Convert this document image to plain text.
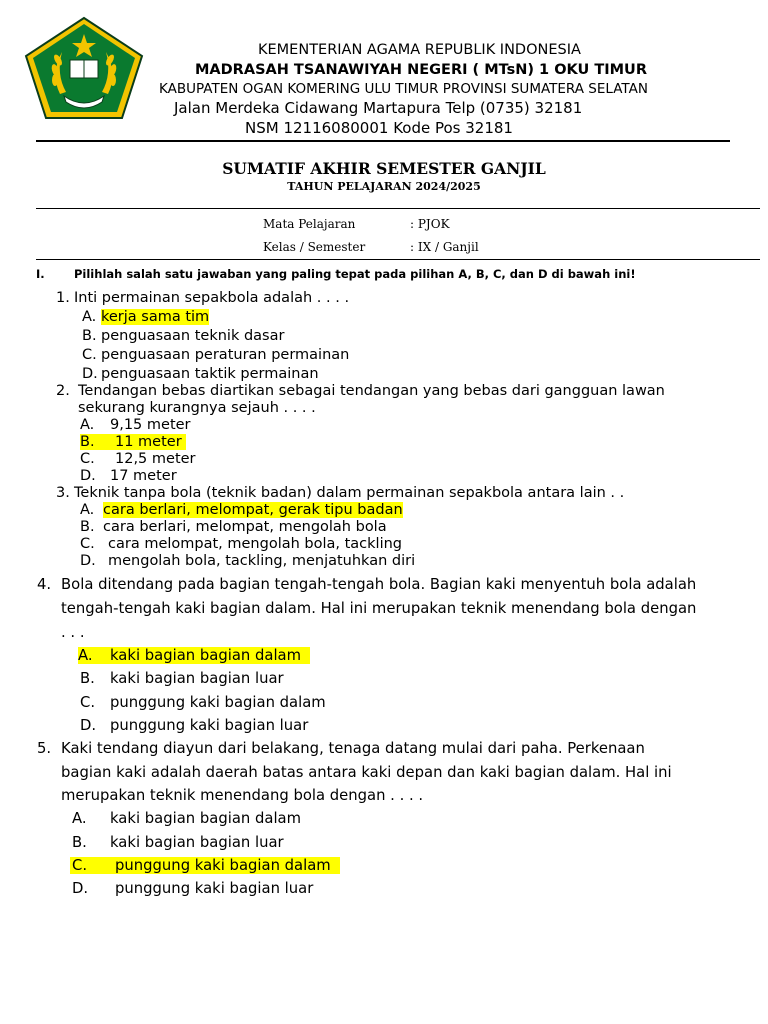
KEMENTERIAN AGAMA REPUBLIK INDONESIA
MADRASAH TSANAWIYAH NEGERI ( MTsN) 1 OKU TIMUR
KABUPATEN OGAN KOMERING ULU TIMUR PROVINSI SUMATERA SELATAN
Jalan Merdeka Cidawang Martapura Telp (0735) 32181
NSM 12116080001 Kode Pos 32181
SUMATIF AKHIR SEMESTER GANJIL
TAHUN PELAJARAN 2024/2025
Mata Pelajaran	: PJOK
Kelas / Semester	: IX / Ganjil
I.	Pilihlah salah satu jawaban yang paling tepat pada pilihan A, B, C, dan D di bawah ini!
1. Inti permainan sepakbola adalah . . . .
A. kerja sama tim
B. penguasaan teknik dasar
C. penguasaan peraturan permainan
D. penguasaan taktik permainan
2. Tendangan bebas diartikan sebagai tendangan yang bebas dari gangguan lawan
sekurang kurangnya sejauh . . . .
A. 9,15 meter
B. 11 meter
C. 12,5 meter
D. 17 meter
3. Teknik tanpa bola (teknik badan) dalam permainan sepakbola antara lain . .
A. cara berlari, melompat, gerak tipu badan
B. cara berlari, melompat, mengolah bola
C. cara melompat, mengolah bola, tackling
D. mengolah bola, tackling, menjatuhkan diri
4. Bola ditendang pada bagian tengah-tengah bola. Bagian kaki menyentuh bola adalah
tengah-tengah kaki bagian dalam. Hal ini merupakan teknik menendang bola dengan
. . .
A. kaki bagian bagian dalam
B. kaki bagian bagian luar
C. punggung kaki bagian dalam
D. punggung kaki bagian luar
5. Kaki tendang diayun dari belakang, tenaga datang mulai dari paha. Perkenaan
bagian kaki adalah daerah batas antara kaki depan dan kaki bagian dalam. Hal ini
merupakan teknik menendang bola dengan . . . .
A. kaki bagian bagian dalam
B. kaki bagian bagian luar
C. punggung kaki bagian dalam

D. punggung kaki bagian luar
